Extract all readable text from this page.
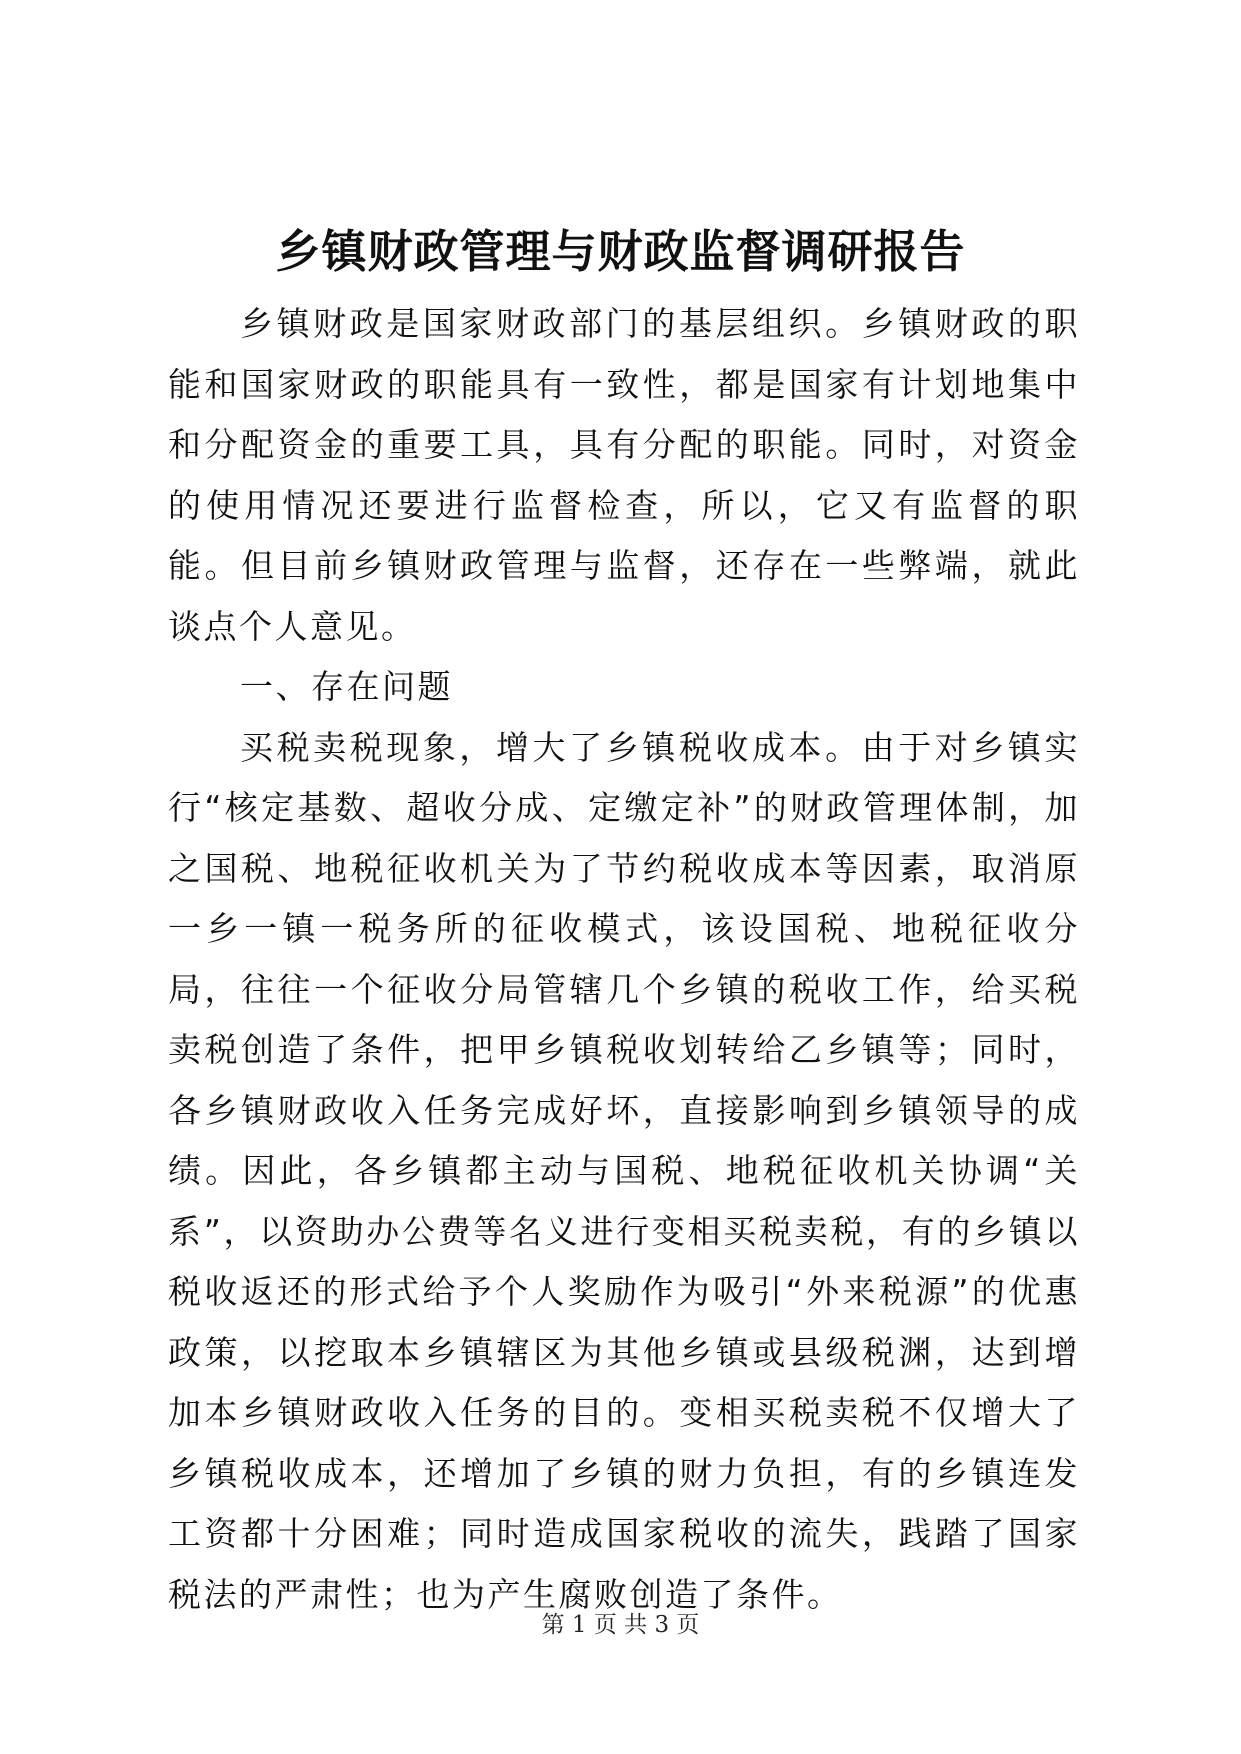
乡镇财政管理与财政监督调研报告

乡镇财政是国家财政部门的基层组织。乡镇财政的职能和国家财政的职能具有一致性，都是国家有计划地集中和分配资金的重要工具，具有分配的职能。同时，对资金的使用情况还要进行监督检查，所以，它又有监督的职能。但目前乡镇财政管理与监督，还存在一些弊端，就此谈点个人意见。

一、存在问题

买税卖税现象，增大了乡镇税收成本。由于对乡镇实行“核定基数、超收分成、定缴定补”的财政管理体制，加之国税、地税征收机关为了节约税收成本等因素，取消原一乡一镇一税务所的征收模式，该设国税、地税征收分局，往往一个征收分局管辖几个乡镇的税收工作，给买税卖税创造了条件，把甲乡镇税收划转给乙乡镇等；同时，各乡镇财政收入任务完成好坏，直接影响到乡镇领导的成绩。因此，各乡镇都主动与国税、地税征收机关协调“关系”，以资助办公费等名义进行变相买税卖税，有的乡镇以税收返还的形式给予个人奖励作为吸引“外来税源”的优惠政策，以挖取本乡镇辖区为其他乡镇或县级税渊，达到增加本乡镇财政收入任务的目的。变相买税卖税不仅增大了乡镇税收成本，还增加了乡镇的财力负担，有的乡镇连发工资都十分困难；同时造成国家税收的流失，践踏了国家税法的严肃性；也为产生腐败创造了条件。

第 1 页 共 3 页
